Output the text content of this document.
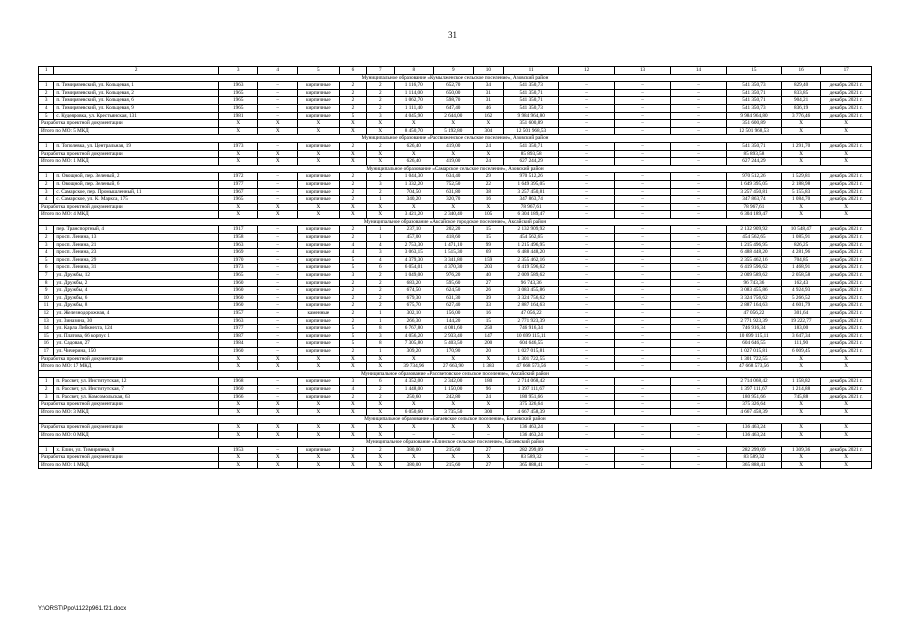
31
1	2	3	4	5	6	7	8	9	10	11	12	13	14	15	16	17
Муниципальное образование «Кумылженское сельское поселение», Азовский район																
1	п. Тимирязевский, ул. Кольцевая, 1	1963	–	кирпичные	2	2	1 116,70	652,70	34	541 350,73	–	–	–	541 350,73	829,40	декабрь 2021 г.
2	п. Тимирязевский, ул. Кольцевая, 2	1965	–	кирпичные	2	2	1 114,00	650,00	31	541 350,71	–	–	–	541 350,71	833,85	декабрь 2021 г.
3	п. Тимирязевский, ул. Кольцевая, 6	1965	–	кирпичные	2	2	1 062,70	598,70	31	541 350,71	–	–	–	541 350,71	904,21	декабрь 2021 г.
4	п. Тимирязевский, ул. Кольцевая, 9	1965	–	кирпичные	2	2	1 111,40	647,40	46	541 350,73	–	–	–	541 350,73	836,19	декабрь 2021 г.
5	с. Кудеяровка, ул. Крестьянская, 131	1981	–	кирпичные	5	3	4 045,90	2 644,00	162	9 984 964,80	–	–	–	9 984 964,80	3 776,46	декабрь 2021 г.
Разработка проектной документации		X	X	X	X	X	X	X	X	351 600,89	–	–	–	351 600,89	X	X
Итого по МО: 5 МКД		X	X	X	X	X	8 450,70	5 192,80	304	12 501 968,53	–	–	–	12 501 968,53	X	X
Муниципальное образование «Рассвиженское сельское поселение», Азовский район																
1	п. Тополевка, ул. Центральная, 19	1973	–	кирпичные	2	2	626,40	419,00	24	541 350,71	–	–	–	541 350,71	1 291,70	декабрь 2021 г.
Разработка проектной документации		X	X	X	X	X	X	X	X	85 893,58	–	–	–	85 893,58	X	X
Итого по МО: 1 МКД		X	X	X	X	X	626,40	419,00	24	627 244,29	–	–	–	627 244,29	X	X
Муниципальное образование «Самарское сельское поселение», Азовский район																
1	п. Овощной, пер. Зеленый, 2	1972	–	кирпичные	2	2	1 044,30	634,40	29	970 512,26	–	–	–	970 512,26	1 529,81	декабрь 2021 г.
2	п. Овощной, пер. Зеленый, 6	1977	–	кирпичные	2	3	1 332,20	752,50	22	1 649 395,05	–	–	–	1 649 395,05	2 188,98	декабрь 2021 г.
3	с. Самарское, пер. Промышленный, 11	1967	–	кирпичные	2	2	704,50	631,80	38	3 257 450,81	–	–	–	3 257 450,81	5 155,83	декабрь 2021 г.
4	с. Самарское, ул. К. Маркса, 175	1965	–	кирпичные	2	1	340,20	320,70	16	347 863,74	–	–	–	347 863,74	1 084,70	декабрь 2021 г.
Разработка проектной документации		X	X	X	X	X	X	X	X	78 967,61	–	–	–	78 967,61	X	X
Итого по МО: 4 МКД		X	X	X	X	X	3 421,20	2 340,40	105	6 304 189,47	–	–	–	6 304 189,47	X	X
Муниципальное образование «Аксайское городское поселение», Аксайский район																
1	пер. Транспортный, 4	1917	–	кирпичные	2	1	237,10	202,20	15	2 132 909,92	–	–	–	2 132 909,92	10 548,47	декабрь 2021 г.
2	просп. Ленина, 13	1958	–	кирпичные	2	1	457,00	418,60	15	454 562,65	–	–	–	454 562,65	1 085,91	декабрь 2021 г.
3	просп. Ленина, 21	1963	–	кирпичные	4	4	2 753,30	1 471,10	99	1 215 496,95	–	–	–	1 215 496,95	826,25	декабрь 2021 г.
4	просп. Ленина, 23	1969	–	кирпичные	4	3	3 063,15	1 515,30	69	6 488 448,20	–	–	–	6 488 448,20	4 281,96	декабрь 2021 г.
5	просп. Ленина, 29	1970	–	кирпичные	5	4	4 379,30	3 341,80	159	2 355 462,16	–	–	–	2 355 462,16	704,85	декабрь 2021 г.
6	просп. Ленина, 31	1973	–	кирпичные	5	6	6 054,01	4 370,30	203	6 419 596,62	–	–	–	6 419 596,62	1 468,91	декабрь 2021 г.
7	ул. Дружбы, 12	1965	–	кирпичные	3	2	1 049,00	976,20	40	2 009 589,62	–	–	–	2 009 589,62	2 058,58	декабрь 2021 г.
8	ул. Дружбы, 2	1960	–	кирпичные	2	2	683,20	595,60	27	96 743,36	–	–	–	96 743,36	162,43	декабрь 2021 г.
9	ул. Дружбы, 4	1960	–	кирпичные	2	2	674,50	624,50	26	3 083 455,86	–	–	–	3 083 455,86	4 924,93	декабрь 2021 г.
10	ул. Дружбы, 6	1960	–	кирпичные	2	2	679,30	631,30	39	3 324 756,62	–	–	–	3 324 756,62	5 266,52	декабрь 2021 г.
11	ул. Дружбы, 8	1960	–	кирпичные	2	2	675,70	627,40	33	2 887 164,63	–	–	–	2 887 164,63	4 601,79	декабрь 2021 г.
12	ул. Железнодорожная, 4	1957	–	каменные	2	1	302,10	156,00	16	47 056,22	–	–	–	47 056,22	301,64	декабрь 2021 г.
13	ул. Зиназина, 30	1963	–	кирпичные	2	1	266,30	144,20	15	2 771 923,39	–	–	–	2 771 923,39	19 222,77	декабрь 2021 г.
14	ул. Карла Либкнехта, 124	1977	–	кирпичные	5	8	6 767,80	4 081,60	250	746 916,34	–	–	–	746 916,34	183,00	декабрь 2021 г.
15	ул. Платова, 66 корпус 1	1987	–	кирпичные	5	3	4 056,20	2 933,40	147	10 699 115,11	–	–	–	10 699 115,11	3 647,34	декабрь 2021 г.
16	ул. Садовая, 27	1984	–	кирпичные	5	8	7 305,80	5 403,50	200	604 646,55	–	–	–	604 646,55	111,90	декабрь 2021 г.
17	ул. Чичерина, 150	1960	–	кирпичные	2	1	309,20	170,90	20	1 027 015,81	–	–	–	1 027 015,81	6 009,45	декабрь 2021 г.
Разработка проектной документации		X	X	X	X	X	X	X	X	1 301 722,55	–	–	–	1 301 722,55	X	X
Итого по МО: 17 МКД		X	X	X	X	X	39 734,96	27 663,90	1 383	47 668 573,56	–	–	–	47 668 573,56	X	X
Муниципальное образование «Рассветовское сельское поселение», Аксайский район																
1	п. Рассвет, ул. Институтская, 12	1968	–	кирпичные	3	6	4 352,00	2 342,00	180	2 714 068,42	–	–	–	2 714 068,42	1 158,82	декабрь 2021 г.
2	п. Рассвет, ул. Институтская, 7	1960	–	кирпичные	4	2	1 448,00	1 150,00	96	1 397 111,67	–	–	–	1 397 111,67	1 214,88	декабрь 2021 г.
3	п. Рассвет, ул. Комсомольская, 63	1966	–	кирпичные	2	2	250,60	242,80	24	180 951,66	–	–	–	180 951,66	745,88	декабрь 2021 г.
Разработка проектной документации		X	X	X	X	X	X	X	X	375 326,64	–	–	–	375 326,64	X	X
Итого по МО: 3 МКД		X	X	X	X	X	6 050,60	3 735,50	300	4 667 458,39	–	–	–	4 667 458,39	X	X
Муниципальное образование «Багаевское сельское поселение», Багаевский район																
Разработка проектной документации		X	X	X	X	X	X	X	X	136 463,24	–	–	–	136 463,24	X	X
Итого по МО: 0 МКД		X	X	X	X	X	–	–	–	136 463,24	–	–	–	136 463,24	X	X
Муниципальное образование «Елинское сельское поселение», Багаевский район																
1	х. Елин, ул. Тимирязева, 8	1953	–	кирпичные	2	2	380,00	215,60	27	282 299,09	–	–	–	282 299,09	1 309,36	декабрь 2021 г.
Разработка проектной документации		X	X	X	X	X	X	X	X	83 589,32	–	–	–	83 589,32	X	X
Итого по МО: 1 МКД		X	X	X	X	X	380,00	215,60	27	365 888,41	–	–	–	365 888,41	X	X
Y:\ORST\Ppo\1122p961.f21.docx
